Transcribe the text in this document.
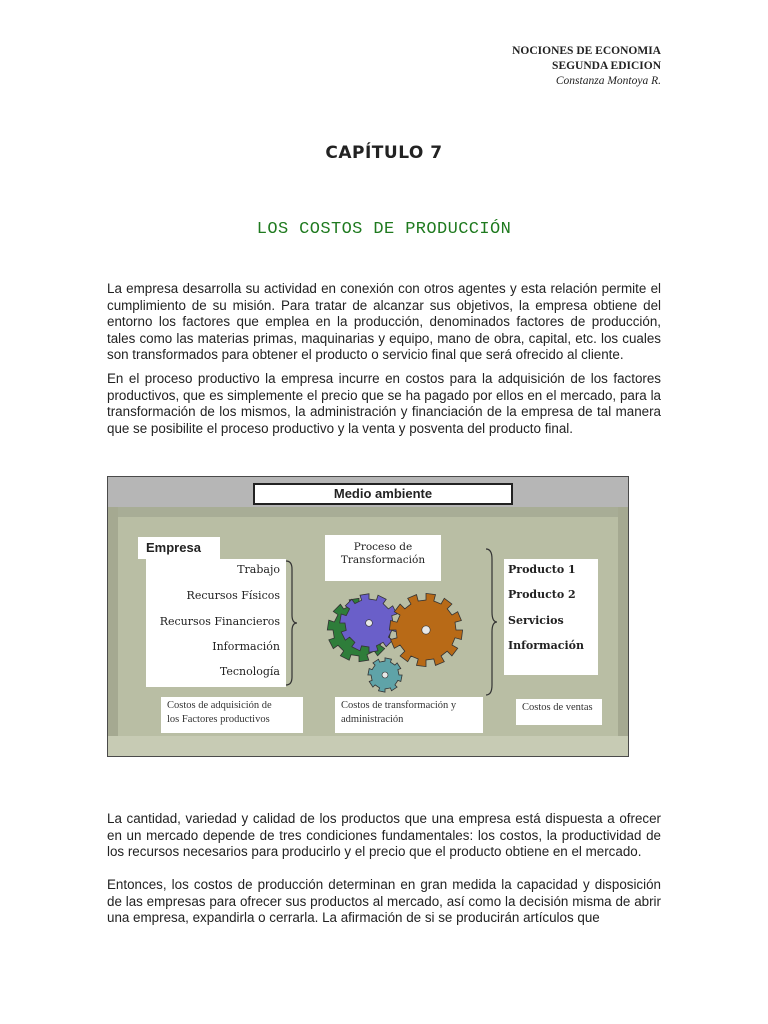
NOCIONES DE ECONOMIA
SEGUNDA EDICION
Constanza Montoya R.
CAPÍTULO 7
LOS COSTOS DE PRODUCCIÓN
La empresa desarrolla su actividad en conexión con otros agentes y esta relación permite el cumplimiento de su misión. Para tratar de alcanzar sus objetivos, la empresa obtiene del entorno los factores que emplea en la producción, denominados factores de producción, tales como las materias primas, maquinarias y equipo, mano de obra, capital, etc. los cuales son transformados para obtener el producto o servicio final que será ofrecido al cliente.
En el proceso productivo la empresa incurre en costos para la adquisición de los factores productivos, que es simplemente el precio que se ha pagado por ellos en el mercado, para la transformación de los mismos, la administración y financiación de la empresa de tal manera que se posibilite el proceso productivo y la venta y posventa del producto final.
Medio ambiente
Empresa
Trabajo
Recursos Físicos
Recursos Financieros
Información
Tecnología
Proceso de
Transformación
Producto 1
Producto 2
Servicios
Información
Costos de adquisición de
los Factores productivos
Costos de transformación y
administración
Costos de ventas
La cantidad, variedad y calidad de los productos que una empresa está dispuesta a ofrecer en un mercado depende de tres condiciones fundamentales: los costos, la productividad de los recursos necesarios para producirlo y el precio que el producto obtiene en el mercado.
Entonces, los costos de producción determinan en gran medida la capacidad y disposición de las empresas para ofrecer sus productos al mercado, así como la decisión misma de abrir una empresa, expandirla o cerrarla. La afirmación de si se producirán artículos que
